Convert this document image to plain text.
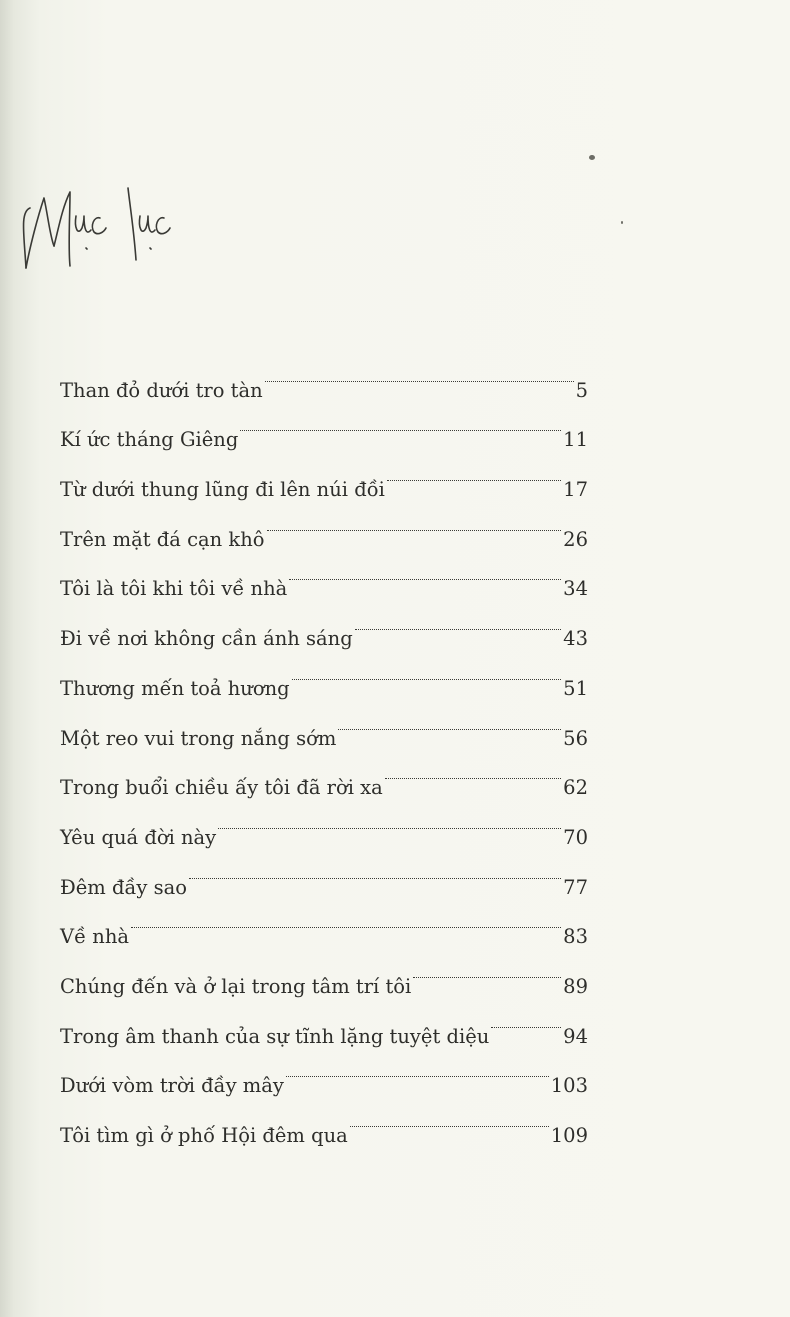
Than đỏ dưới tro tàn	5
Kí ức tháng Giêng	11
Từ dưới thung lũng đi lên núi đồi	17
Trên mặt đá cạn khô	26
Tôi là tôi khi tôi về nhà	34
Đi về nơi không cần ánh sáng	43
Thương mến toả hương	51
Một reo vui trong nắng sớm	56
Trong buổi chiều ấy tôi đã rời xa	62
Yêu quá đời này	70
Đêm đầy sao	77
Về nhà	83
Chúng đến và ở lại trong tâm trí tôi	89
Trong âm thanh của sự tĩnh lặng tuyệt diệu	94
Dưới vòm trời đầy mây	103
Tôi tìm gì ở phố Hội đêm qua	109
